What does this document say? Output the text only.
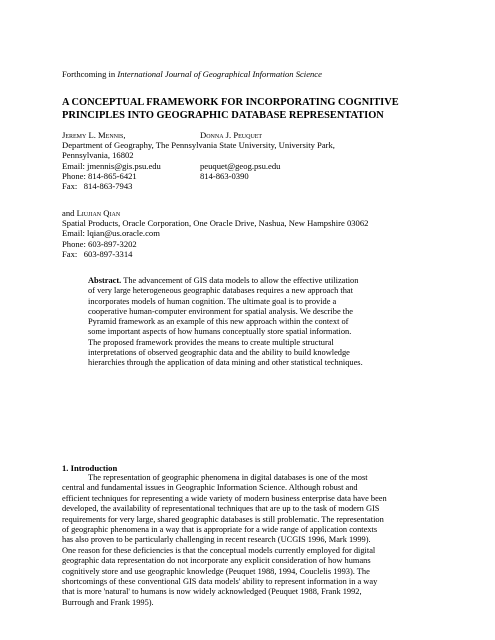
Forthcoming in International Journal of Geographical Information Science
A CONCEPTUAL FRAMEWORK FOR INCORPORATING COGNITIVE
PRINCIPLES INTO GEOGRAPHIC DATABASE REPRESENTATION
Jeremy L. Mennis,	Donna J. Peuquet
Department of Geography, The Pennsylvania State University, University Park,
Pennsylvania, 16802
Email: jmennis@gis.psu.edu	peuquet@geog.psu.edu
Phone: 814-865-6421	814-863-0390
Fax:   814-863-7943
and Liujian Qian
Spatial Products, Oracle Corporation, One Oracle Drive, Nashua, New Hampshire 03062
Email: lqian@us.oracle.com
Phone: 603-897-3202
Fax:   603-897-3314
Abstract. The advancement of GIS data models to allow the effective utilization
of very large heterogeneous geographic databases requires a new approach that
incorporates models of human cognition. The ultimate goal is to provide a
cooperative human-computer environment for spatial analysis. We describe the
Pyramid framework as an example of this new approach within the context of
some important aspects of how humans conceptually store spatial information.
The proposed framework provides the means to create multiple structural
interpretations of observed geographic data and the ability to build knowledge
hierarchies through the application of data mining and other statistical techniques.
1. Introduction
The representation of geographic phenomena in digital databases is one of the most
central and fundamental issues in Geographic Information Science. Although robust and
efficient techniques for representing a wide variety of modern business enterprise data have been
developed, the availability of representational techniques that are up to the task of modern GIS
requirements for very large, shared geographic databases is still problematic. The representation
of geographic phenomena in a way that is appropriate for a wide range of application contexts
has also proven to be particularly challenging in recent research (UCGIS 1996, Mark 1999).
One reason for these deficiencies is that the conceptual models currently employed for digital
geographic data representation do not incorporate any explicit consideration of how humans
cognitively store and use geographic knowledge (Peuquet 1988, 1994, Couclelis 1993). The
shortcomings of these conventional GIS data models' ability to represent information in a way
that is more 'natural' to humans is now widely acknowledged (Peuquet 1988, Frank 1992,
Burrough and Frank 1995).
